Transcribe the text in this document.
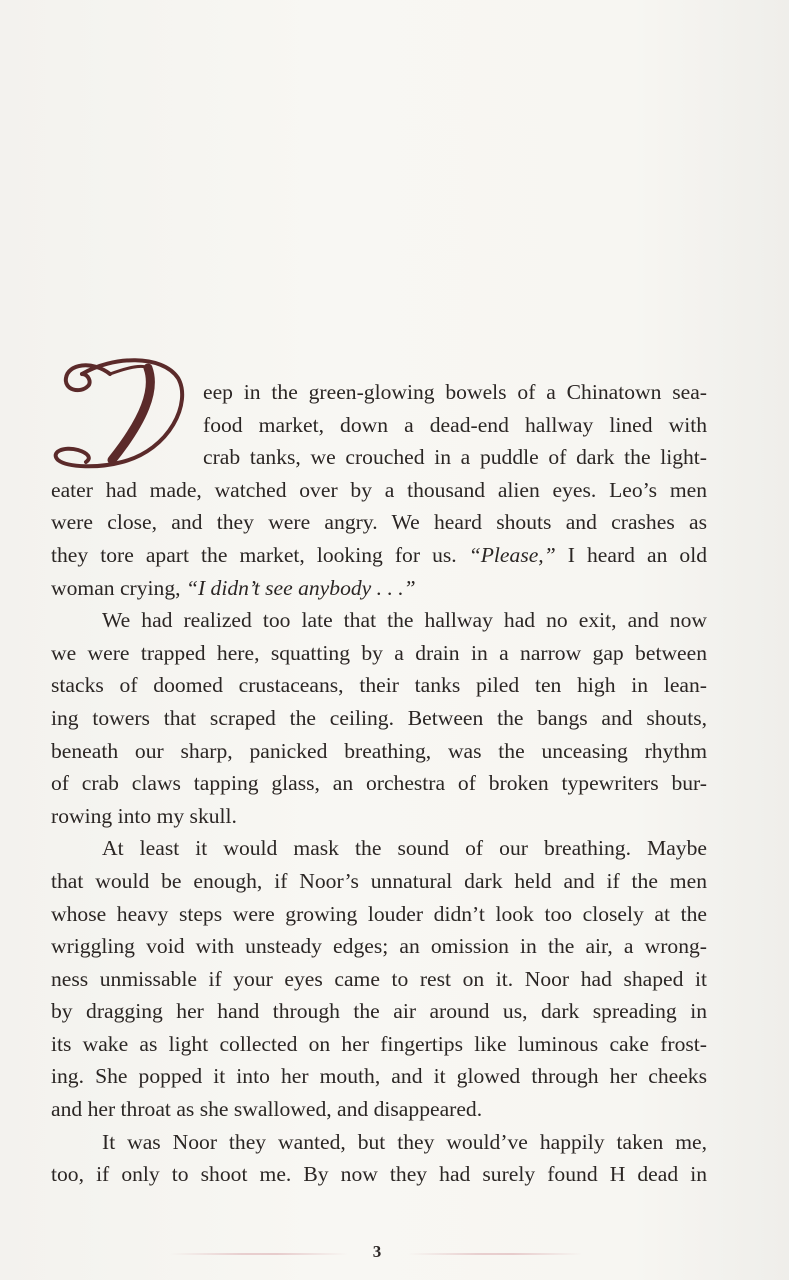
D
eep in the green-glowing bowels of a Chinatown sea-
food market, down a dead-end hallway lined with
crab tanks, we crouched in a puddle of dark the light-
eater had made, watched over by a thousand alien eyes. Leo’s men
were close, and they were angry. We heard shouts and crashes as
they tore apart the market, looking for us. “Please,” I heard an old
woman crying, “I didn’t see anybody . . .”
We had realized too late that the hallway had no exit, and now
we were trapped here, squatting by a drain in a narrow gap between
stacks of doomed crustaceans, their tanks piled ten high in lean-
ing towers that scraped the ceiling. Between the bangs and shouts,
beneath our sharp, panicked breathing, was the unceasing rhythm
of crab claws tapping glass, an orchestra of broken typewriters bur-
rowing into my skull.
At least it would mask the sound of our breathing. Maybe
that would be enough, if Noor’s unnatural dark held and if the men
whose heavy steps were growing louder didn’t look too closely at the
wriggling void with unsteady edges; an omission in the air, a wrong-
ness unmissable if your eyes came to rest on it. Noor had shaped it
by dragging her hand through the air around us, dark spreading in
its wake as light collected on her fingertips like luminous cake frost-
ing. She popped it into her mouth, and it glowed through her cheeks
and her throat as she swallowed, and disappeared.
It was Noor they wanted, but they would’ve happily taken me,
too, if only to shoot me. By now they had surely found H dead in
3
